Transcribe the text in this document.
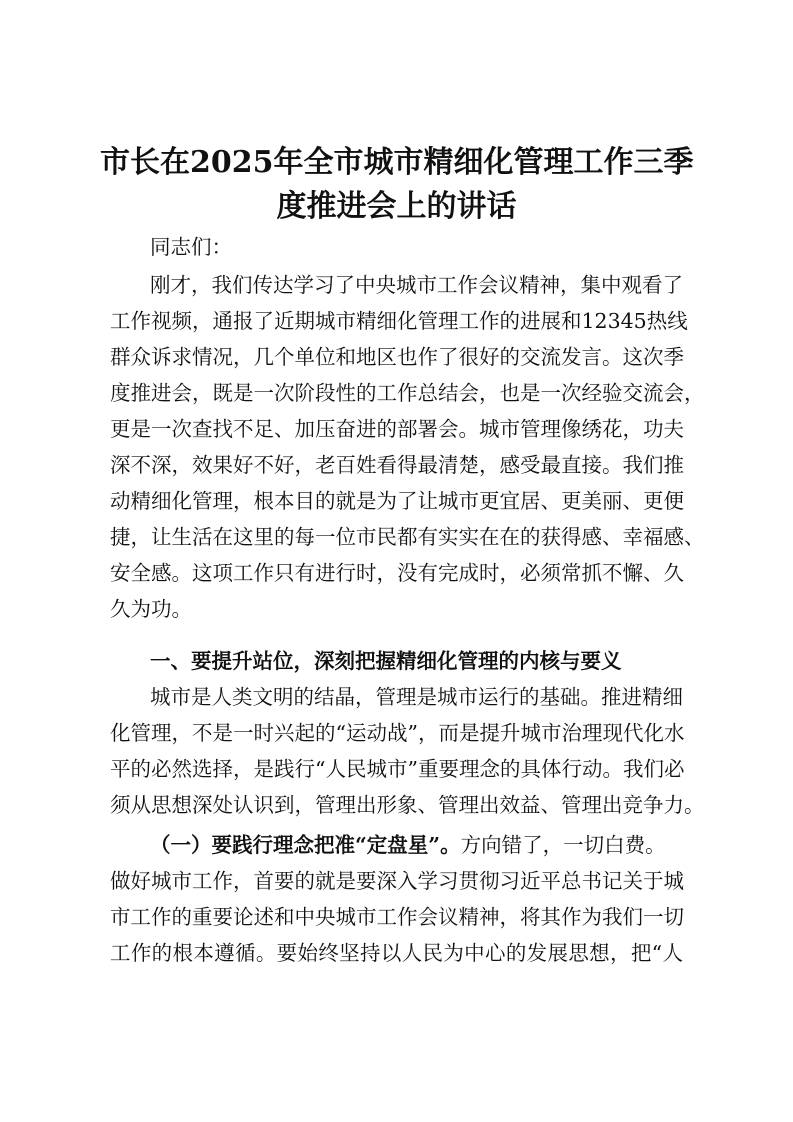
市长在2025年全市城市精细化管理工作三季
度推进会上的讲话
同志们：
刚才，我们传达学习了中央城市工作会议精神，集中观看了
工作视频，通报了近期城市精细化管理工作的进展和12345热线
群众诉求情况，几个单位和地区也作了很好的交流发言。这次季
度推进会，既是一次阶段性的工作总结会，也是一次经验交流会，
更是一次查找不足、加压奋进的部署会。城市管理像绣花，功夫
深不深，效果好不好，老百姓看得最清楚，感受最直接。我们推
动精细化管理，根本目的就是为了让城市更宜居、更美丽、更便
捷，让生活在这里的每一位市民都有实实在在的获得感、幸福感、
安全感。这项工作只有进行时，没有完成时，必须常抓不懈、久
久为功。
一、要提升站位，深刻把握精细化管理的内核与要义
城市是人类文明的结晶，管理是城市运行的基础。推进精细
化管理，不是一时兴起的“运动战”，而是提升城市治理现代化水
平的必然选择，是践行“人民城市”重要理念的具体行动。我们必
须从思想深处认识到，管理出形象、管理出效益、管理出竞争力。
（一）要践行理念把准“定盘星”。方向错了，一切白费。
做好城市工作，首要的就是要深入学习贯彻习近平总书记关于城
市工作的重要论述和中央城市工作会议精神，将其作为我们一切
工作的根本遵循。要始终坚持以人民为中心的发展思想，把“人
